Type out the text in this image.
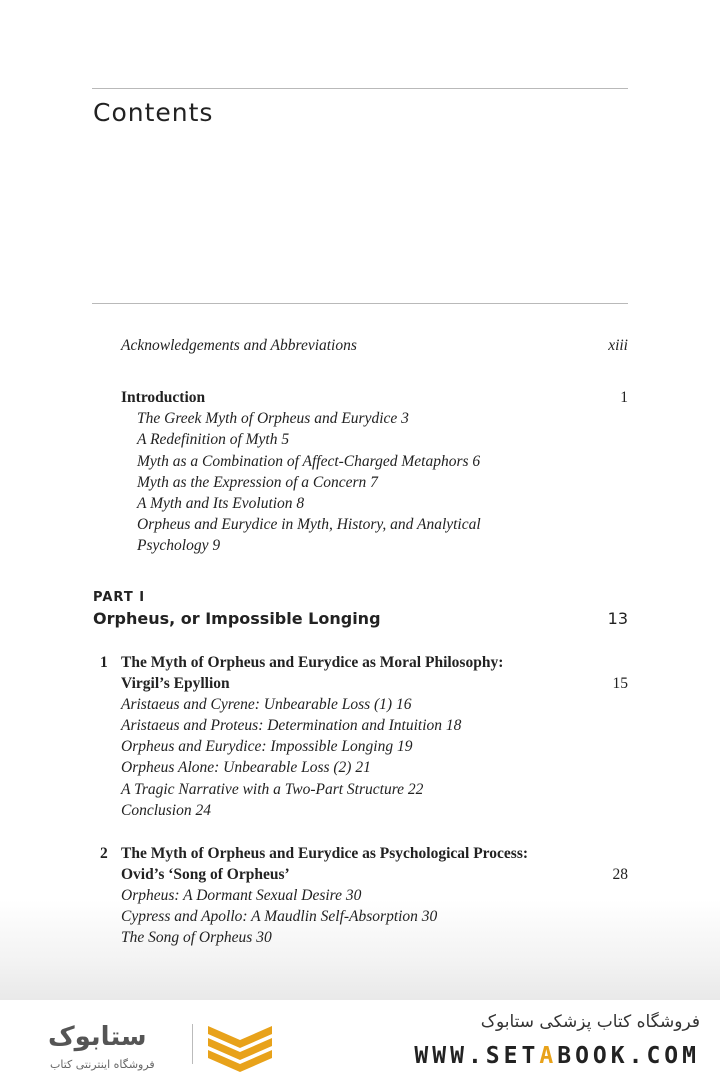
Contents
Acknowledgements and Abbreviations	xiii
Introduction	1
The Greek Myth of Orpheus and Eurydice 3
A Redefinition of Myth 5
Myth as a Combination of Affect-Charged Metaphors 6
Myth as the Expression of a Concern 7
A Myth and Its Evolution 8
Orpheus and Eurydice in Myth, History, and Analytical
Psychology 9
PART I
Orpheus, or Impossible Longing	13
1 The Myth of Orpheus and Eurydice as Moral Philosophy:
Virgil’s Epyllion	15
Aristaeus and Cyrene: Unbearable Loss (1) 16
Aristaeus and Proteus: Determination and Intuition 18
Orpheus and Eurydice: Impossible Longing 19
Orpheus Alone: Unbearable Loss (2) 21
A Tragic Narrative with a Two-Part Structure 22
Conclusion 24
2 The Myth of Orpheus and Eurydice as Psychological Process:
Ovid’s ‘Song of Orpheus’	28
Orpheus: A Dormant Sexual Desire 30
Cypress and Apollo: A Maudlin Self-Absorption 30
The Song of Orpheus 30
ستابوک
فروشگاه اینترنتی کتاب
فروشگاه کتاب پزشکی ستابوک
WWW.SETABOOK.COM
